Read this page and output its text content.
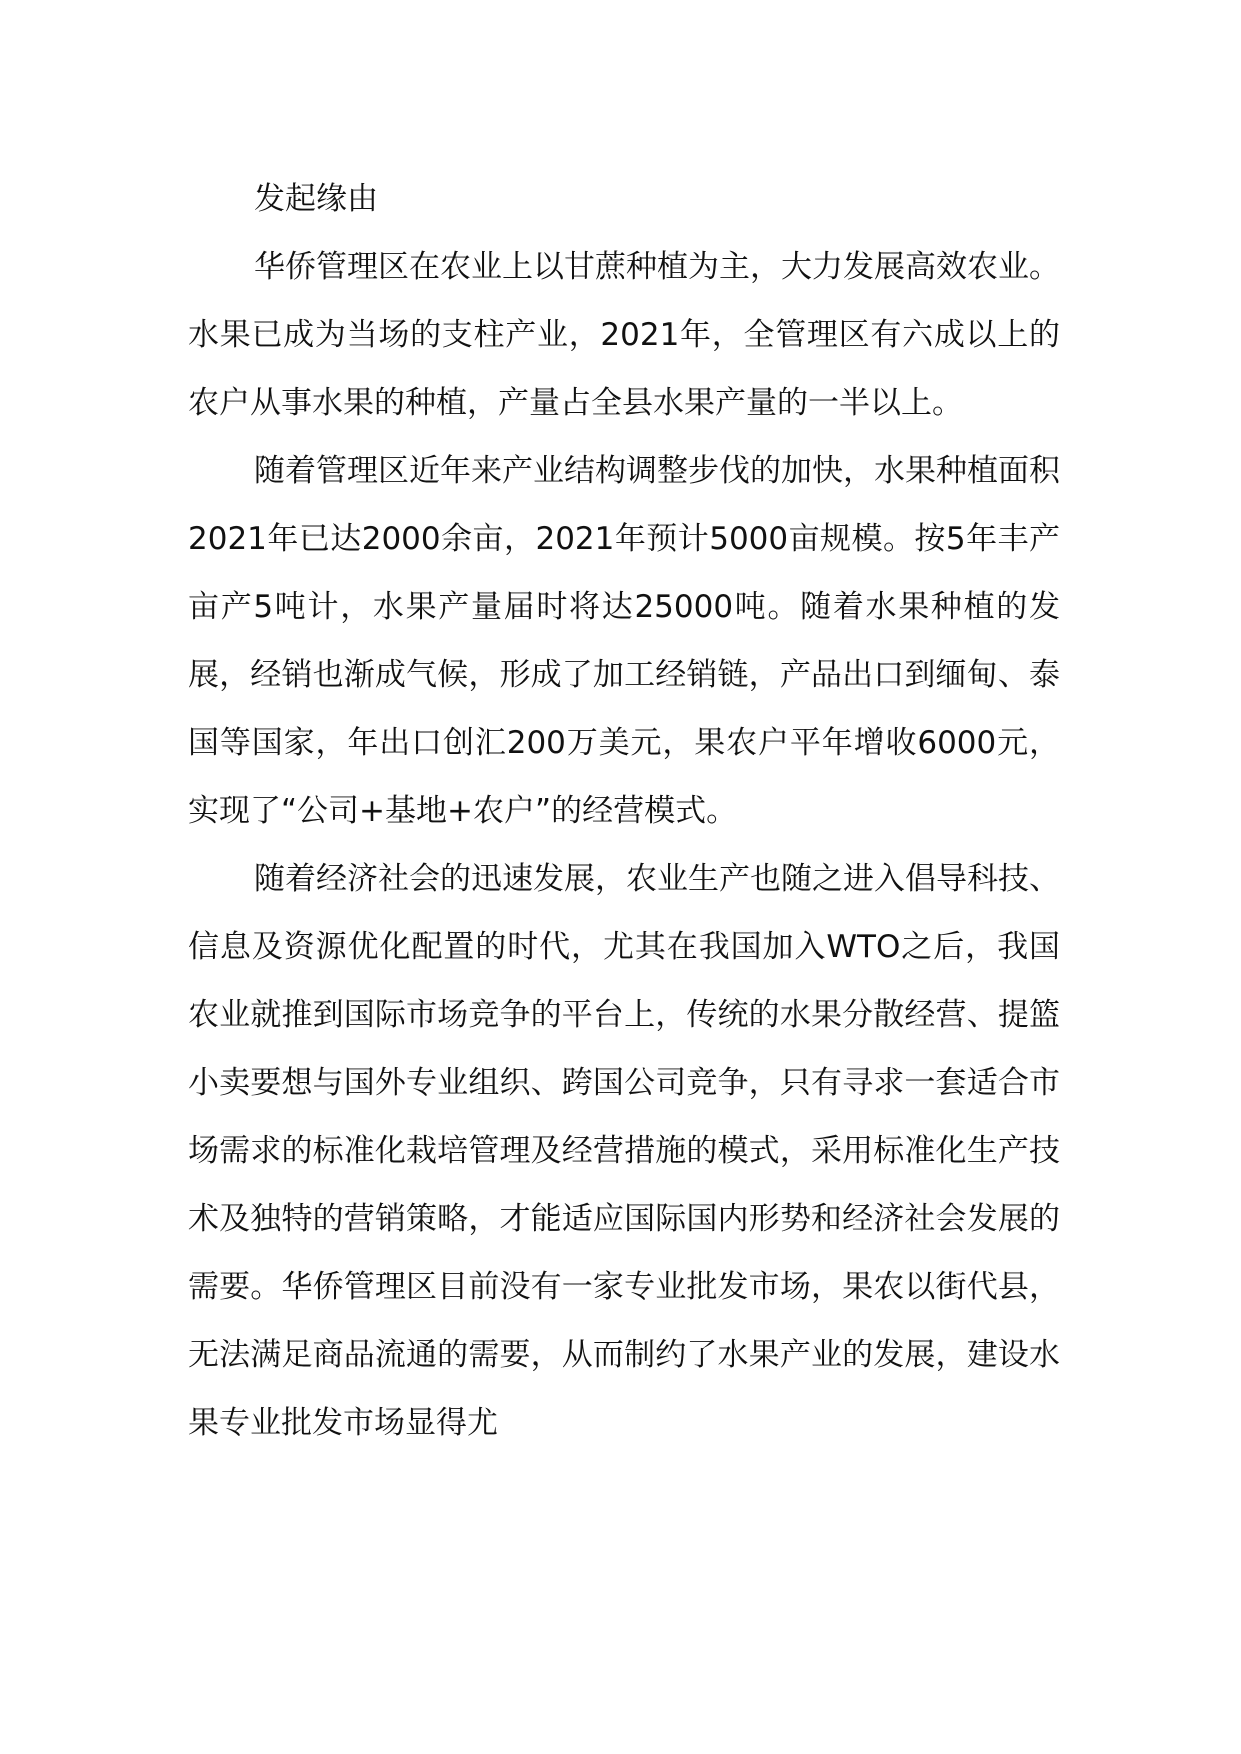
发起缘由

华侨管理区在农业上以甘蔗种植为主，大力发展高效农业。水果已成为当场的支柱产业，2021年，全管理区有六成以上的农户从事水果的种植，产量占全县水果产量的一半以上。

随着管理区近年来产业结构调整步伐的加快，水果种植面积2021年已达2000余亩，2021年预计5000亩规模。按5年丰产亩产5吨计，水果产量届时将达25000吨。随着水果种植的发展，经销也渐成气候，形成了加工经销链，产品出口到缅甸、泰国等国家，年出口创汇200万美元，果农户平年增收6000元，实现了“公司+基地+农户”的经营模式。

随着经济社会的迅速发展，农业生产也随之进入倡导科技、信息及资源优化配置的时代，尤其在我国加入WTO之后，我国农业就推到国际市场竞争的平台上，传统的水果分散经营、提篮小卖要想与国外专业组织、跨国公司竞争，只有寻求一套适合市场需求的标准化栽培管理及经营措施的模式，采用标准化生产技术及独特的营销策略，才能适应国际国内形势和经济社会发展的需要。华侨管理区目前没有一家专业批发市场，果农以街代县，无法满足商品流通的需要，从而制约了水果产业的发展，建设水果专业批发市场显得尤
